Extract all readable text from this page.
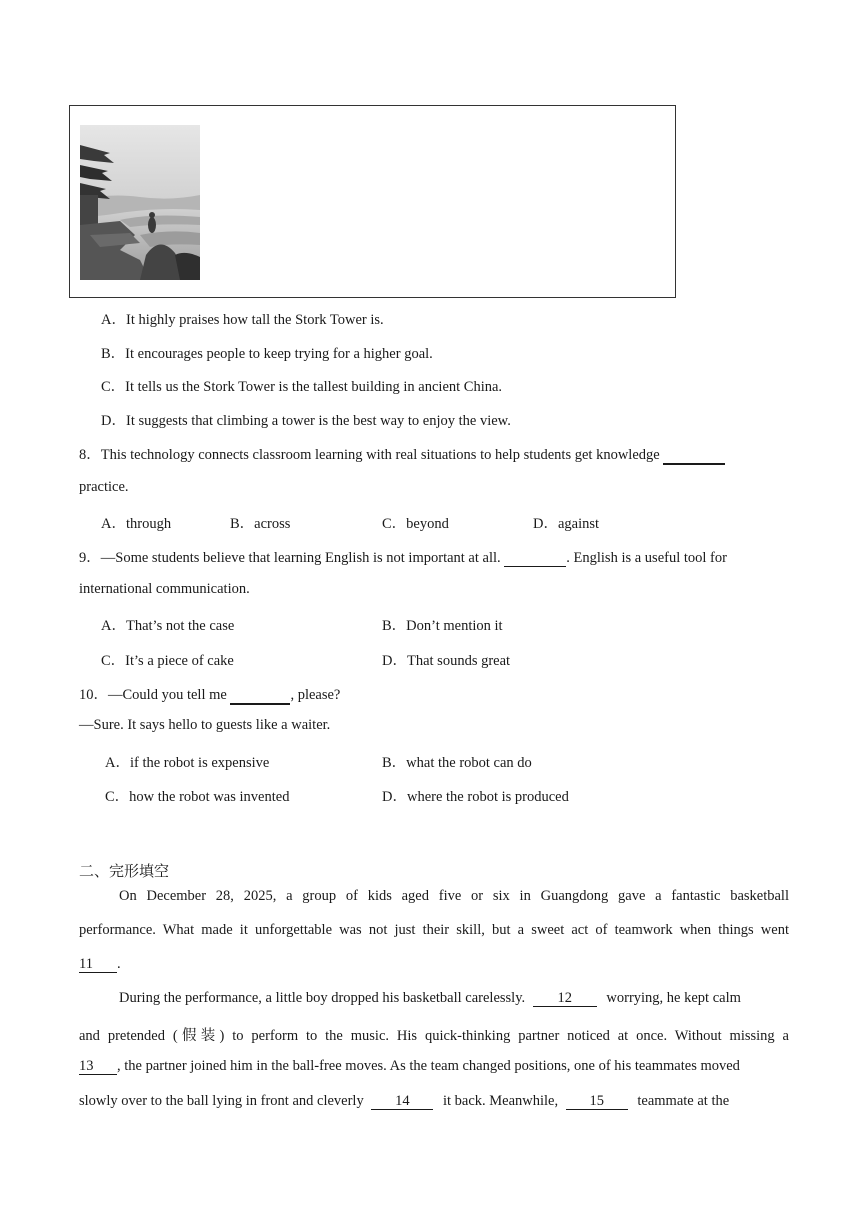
A．It highly praises how tall the Stork Tower is.
B．It encourages people to keep trying for a higher goal.
C．It tells us the Stork Tower is the tallest building in ancient China.
D．It suggests that climbing a tower is the best way to enjoy the view.
8．This technology connects classroom learning with real situations to help students get knowledge
practice.
A．through	B．across	C．beyond	D．against
9．—Some students believe that learning English is not important at all.	. English is a useful tool for
international communication.
A．That’s not the case	B．Don’t mention it
C．It’s a piece of cake	D．That sounds great
10．—Could you tell me	, please?
—Sure. It says hello to guests like a waiter.
A．if the robot is expensive	B．what the robot can do
C．how the robot was invented	D．where the robot is produced
二、完形填空
On December 28, 2025, a group of kids aged five or six in Guangdong gave a fantastic basketball
performance. What made it unforgettable was not just their skill, but a sweet act of teamwork when things went
11 .
During the performance, a little boy dropped his basketball carelessly. 12 worrying, he kept calm
and pretended (假装) to perform to the music. His quick-thinking partner noticed at once. Without missing a
13 , the partner joined him in the ball-free moves. As the team changed positions, one of his teammates moved
slowly over to the ball lying in front and cleverly 14 it back. Meanwhile, 15 teammate at the
